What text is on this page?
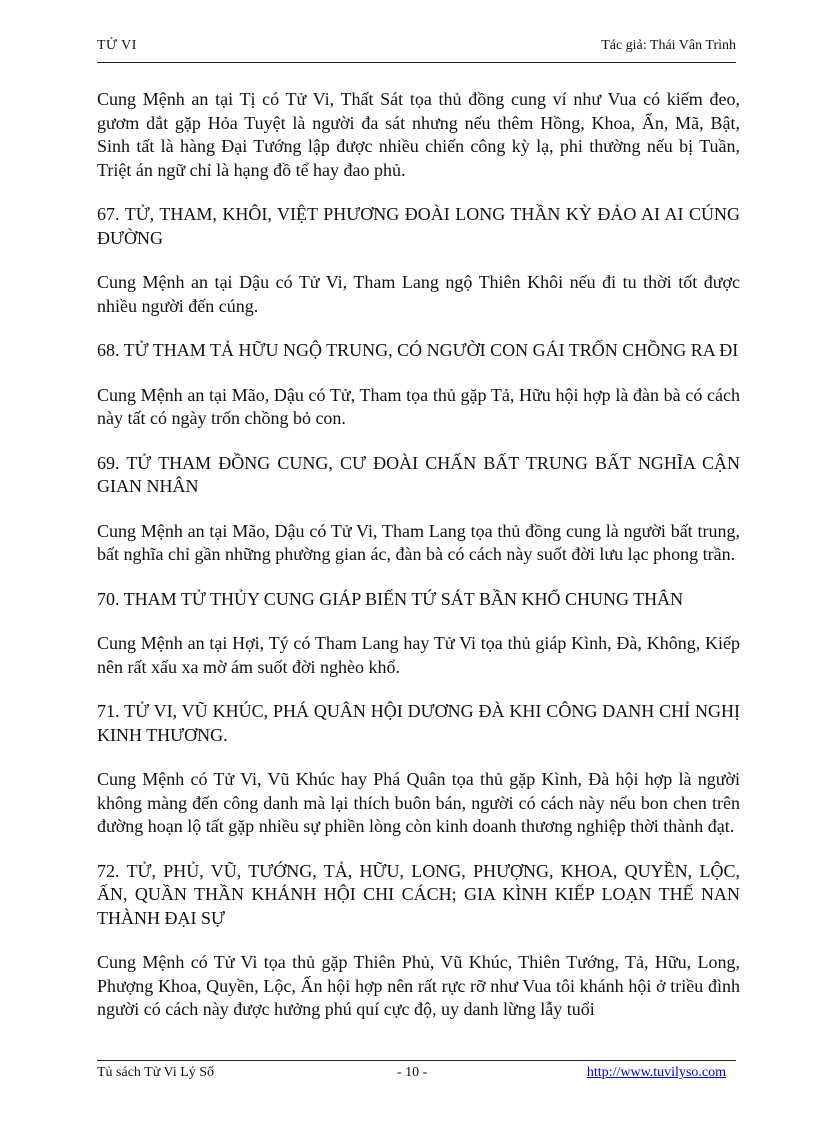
TỬ VI	Tác giả: Thái Vân Trình

Cung Mệnh an tại Tị có Tử Vi, Thất Sát tọa thủ đồng cung ví như Vua có kiếm đeo, gươm dắt gặp Hỏa Tuyệt là người đa sát nhưng nếu thêm Hồng, Khoa, Ấn, Mã, Bật, Sinh tất là hàng Đại Tướng lập được nhiều chiến công kỳ lạ, phi thường nếu bị Tuần, Triệt án ngữ chỉ là hạng đồ tể hay đao phủ.

67. TỬ, THAM, KHÔI, VIỆT PHƯƠNG ĐOÀI LONG THẦN KỲ ĐẢO AI AI CÚNG ĐƯỜNG

Cung Mệnh an tại Dậu có Tử Vi, Tham Lang ngộ Thiên Khôi nếu đi tu thời tốt được nhiều người đến cúng.

68. TỬ THAM TẢ HỮU NGỘ TRUNG, CÓ NGƯỜI CON GÁI TRỐN CHỒNG RA ĐI

Cung Mệnh an tại Mão, Dậu có Tử, Tham tọa thủ gặp Tả, Hữu hội hợp là đàn bà có cách này tất có ngày trốn chồng bỏ con.

69. TỬ THAM ĐỒNG CUNG, CƯ ĐOÀI CHẤN BẤT TRUNG BẤT NGHĨA CẬN GIAN NHÂN

Cung Mệnh an tại Mão, Dậu có Tử Vi, Tham Lang tọa thủ đồng cung là người bất trung, bất nghĩa chỉ gần những phường gian ác, đàn bà có cách này suốt đời lưu lạc phong trần.

70. THAM TỬ THỦY CUNG GIÁP BIẾN TỨ SÁT BẦN KHỔ CHUNG THÂN

Cung Mệnh an tại Hợi, Tý có Tham Lang hay Tử Vi tọa thủ giáp Kình, Đà, Không, Kiếp nên rất xấu xa mờ ám suốt đời nghèo khổ.

71. TỬ VI, VŨ KHÚC, PHÁ QUÂN HỘI DƯƠNG ĐÀ KHI CÔNG DANH CHỈ NGHỊ KINH THƯƠNG.

Cung Mệnh có Tử Vi, Vũ Khúc hay Phá Quân tọa thủ gặp Kình, Đà hội hợp là người không màng đến công danh mà lại thích buôn bán, người có cách này nếu bon chen trên đường hoạn lộ tất gặp nhiều sự phiền lòng còn kinh doanh thương nghiệp thời thành đạt.

72. TỬ, PHỦ, VŨ, TƯỚNG, TẢ, HỮU, LONG, PHƯỢNG, KHOA, QUYỀN, LỘC, ẤN, QUẦN THẦN KHÁNH HỘI CHI CÁCH; GIA KÌNH KIẾP LOẠN THẾ NAN THÀNH ĐẠI SỰ

Cung Mệnh có Tử Vi tọa thủ gặp Thiên Phủ, Vũ Khúc, Thiên Tướng, Tả, Hữu, Long, Phượng Khoa, Quyền, Lộc, Ấn hội hợp nên rất rực rỡ như Vua tôi khánh hội ở triều đình người có cách này được hưởng phú quí cực độ, uy danh lừng lẫy tuổi

Tủ sách Tử Vi Lý Số	- 10 -	http://www.tuvilyso.com
